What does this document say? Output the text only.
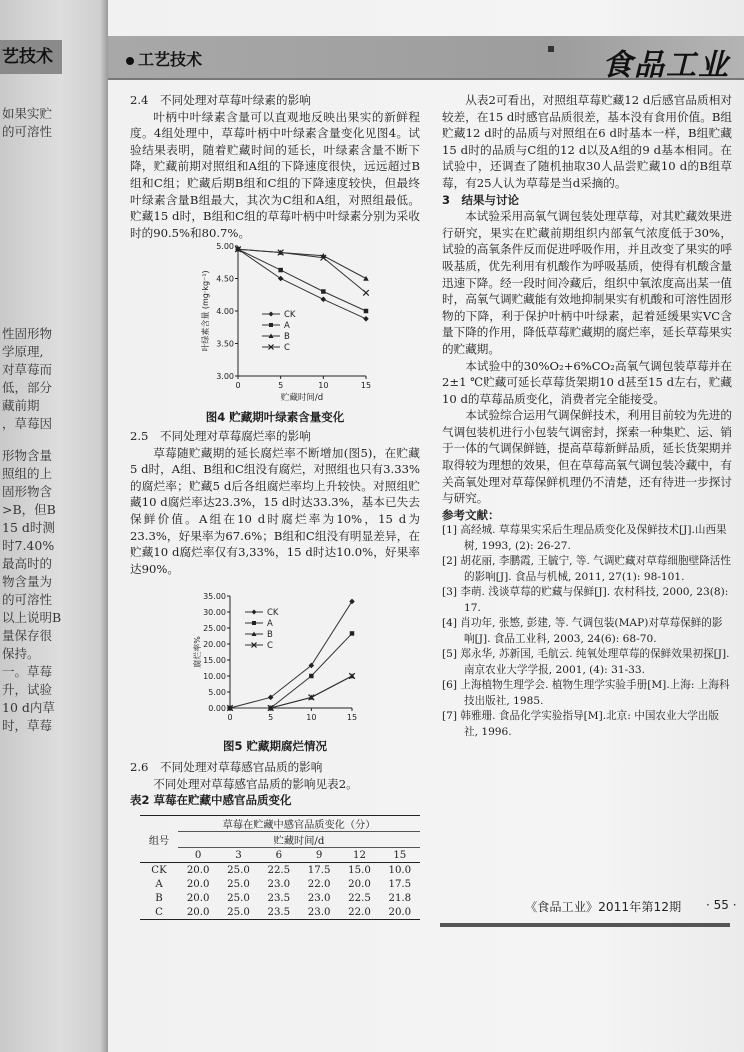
艺技术
如果实贮
的可溶性
性固形物
学原理,
对草莓而
低，部分
藏前期
，草莓因
形物含量
照组的上
固形物含
>B，但B
15 d时测
时7.40%
最高时的
物含量为
的可溶性
以上说明B
量保存很
保持。
一。草莓
升，试验
10 d内草
时，草莓
工艺技术	食品工业

2.4　不同处理对草莓叶绿素的影响

叶柄中叶绿素含量可以直观地反映出果实的新鲜程度。4组处理中，草莓叶柄中叶绿素含量变化见图4。试验结果表明，随着贮藏时间的延长，叶绿素含量不断下降，贮藏前期对照组和A组的下降速度很快，远远超过B组和C组；贮藏后期B组和C组的下降速度较快，但最终叶绿素含量B组最大，其次为C组和A组，对照组最低。贮藏15 d时，B组和C组的草莓叶柄中叶绿素分别为采收时的90.5%和80.7%。

3.00
3.50
4.00
4.50
5.00
0	5	10	15
贮藏时间/d
叶绿素含量 (mg·kg⁻¹)	CK
A
B
C
图4 贮藏期叶绿素含量变化

2.5　不同处理对草莓腐烂率的影响

草莓随贮藏期的延长腐烂率不断增加(图5)，在贮藏5 d时，A组、B组和C组没有腐烂，对照组也只有3.33%的腐烂率；贮藏5 d后各组腐烂率均上升较快。对照组贮藏10 d腐烂率达23.3%，15 d时达33.3%，基本已失去保鲜价值。A组在10 d时腐烂率为10%，15 d为23.3%，好果率为67.6%；B组和C组没有明显差异，在贮藏10 d腐烂率仅有3,33%，15 d时达10.0%，好果率达90%。

0.00
5.00
10.00
15.00
20.00
25.00
30.00
35.00
0	5	10	15
腐烂率%
CK
A
B
C
图5 贮藏期腐烂情况

2.6　不同处理对草莓感官品质的影响

不同处理对草莓感官品质的影响见表2。

表2 草莓在贮藏中感官品质变化

组号	草莓在贮藏中感官品质变化（分）					
	贮藏时间/d					
	0	3	6	9	12	15
CK	20.0	25.0	22.5	17.5	15.0	10.0
A	20.0	25.0	23.0	22.0	20.0	17.5
B	20.0	25.0	23.5	23.0	22.5	21.8
C	20.0	25.0	23.5	23.0	22.0	20.0

从表2可看出，对照组草莓贮藏12 d后感官品质相对较差，在15 d时感官品质很差，基本没有食用价值。B组贮藏12 d时的品质与对照组在6 d时基本一样，B组贮藏15 d时的品质与C组的12 d以及A组的9 d基本相同。在试验中，还调查了随机抽取30人品尝贮藏10 d的B组草莓，有25人认为草莓是当d采摘的。

3　结果与讨论

本试验采用高氧气调包装处理草莓，对其贮藏效果进行研究，果实在贮藏前期组织内部氧气浓度低于30%，试验的高氧条件反而促进呼吸作用，并且改变了果实的呼吸基质，优先利用有机酸作为呼吸基质，使得有机酸含量迅速下降。经一段时间冷藏后，组织中氧浓度高出某一值时，高氧气调贮藏能有效地抑制果实有机酸和可溶性固形物的下降，利于保护叶柄中叶绿素，起着延缓果实VC含量下降的作用，降低草莓贮藏期的腐烂率，延长草莓果实的贮藏期。

本试验中的30%O₂+6%CO₂高氧气调包装草莓并在2±1 ℃贮藏可延长草莓货架期10 d甚至15 d左右，贮藏10 d的草莓品质变化，消费者完全能接受。

本试验综合运用气调保鲜技术，利用目前较为先进的气调包装机进行小包装气调密封，探索一种集贮、运、销于一体的气调保鲜链，提高草莓新鲜品质，延长货架期并取得较为理想的效果，但在草莓高氧气调包装冷藏中，有关高氧处理对草莓保鲜机理仍不清楚，还有待进一步探讨与研究。

参考文献：

[1] 高经城. 草莓果实采后生理品质变化及保鲜技术[J].山西果树, 1993, (2): 26-27.

[2] 胡花丽, 李鹏霞, 王毓宁, 等. 气调贮藏对草莓细胞壁降活性的影响[J]. 食品与机械, 2011, 27(1): 98-101.

[3] 李萌. 浅谈草莓的贮藏与保鲜[J]. 农村科技, 2000, 23(8): 17.

[4] 肖功年, 张慜, 彭建, 等. 气调包装(MAP)对草莓保鲜的影响[J]. 食品工业科, 2003, 24(6): 68-70.

[5] 郑永华, 苏新国, 毛航云. 纯氧处理草莓的保鲜效果初探[J]. 南京农业大学学报, 2001, (4): 31-33.

[6] 上海植物生理学会. 植物生理学实验手册[M].上海: 上海科技出版社, 1985.

[7] 韩雅珊. 食品化学实验指导[M].北京: 中国农业大学出版社, 1996.

《食品工业》2011年第12期 · 55 ·
